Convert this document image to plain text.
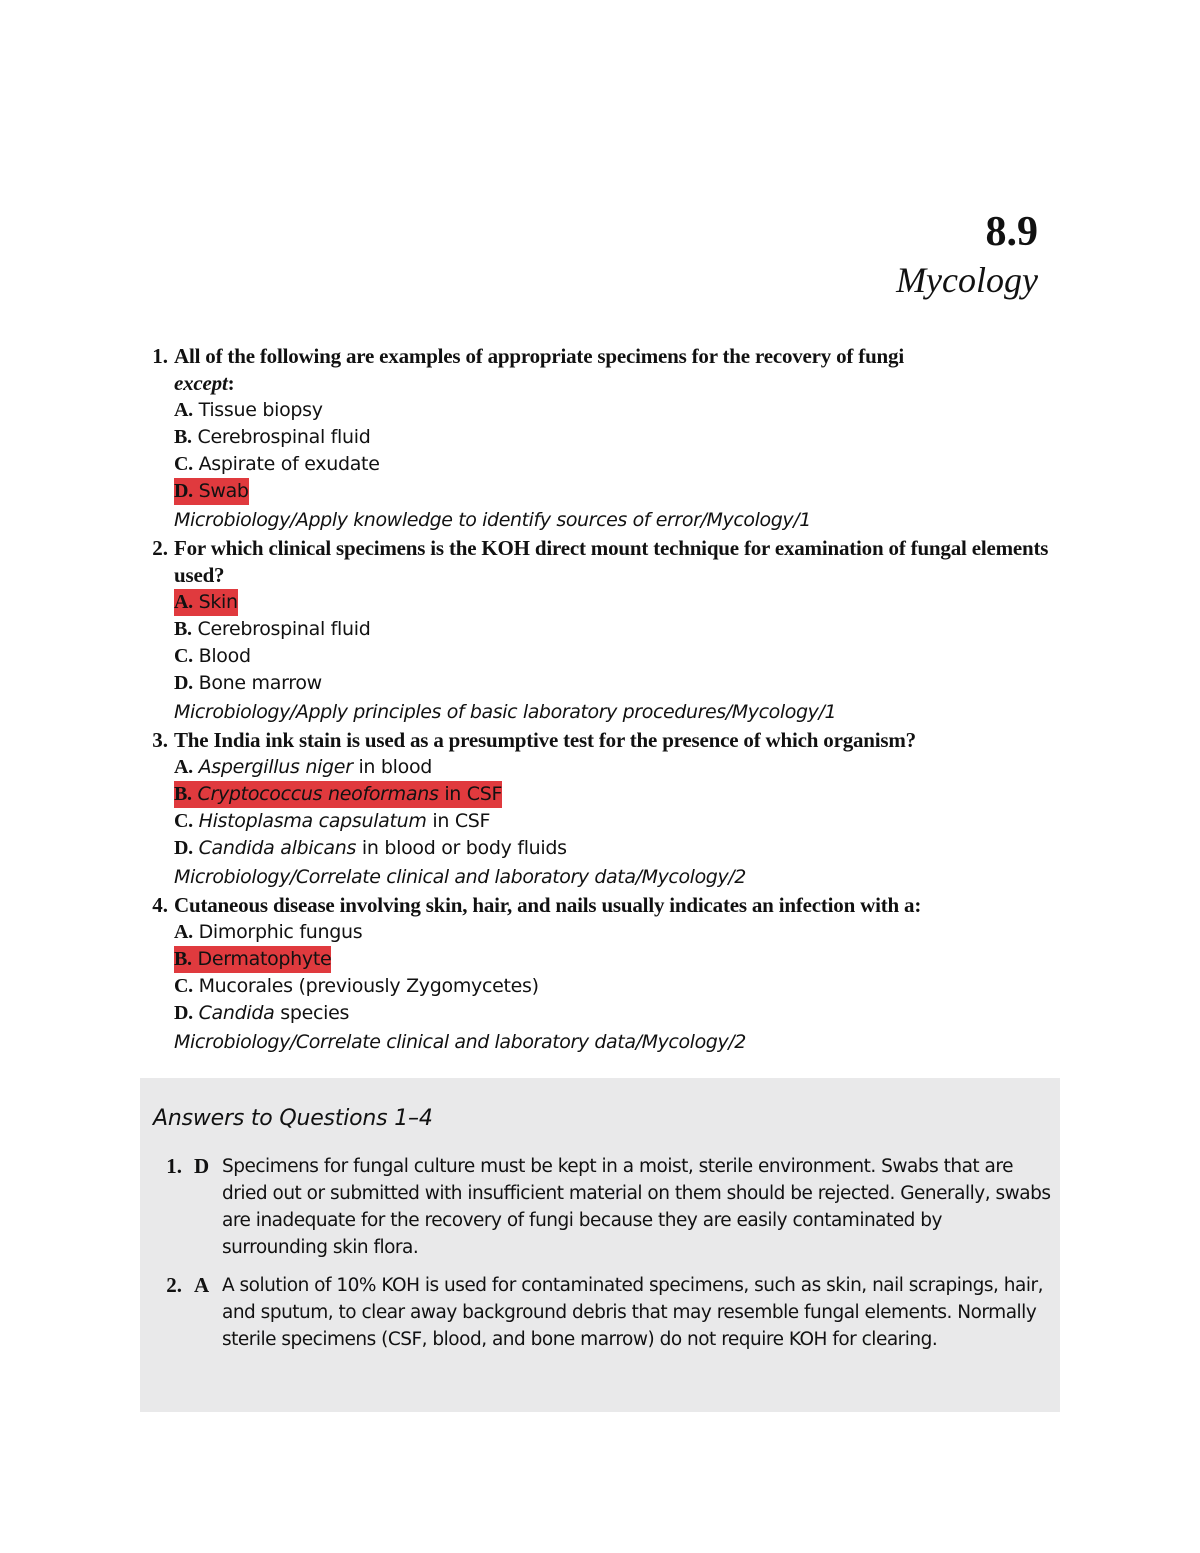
8.9
Mycology
1. All of the following are examples of appropriate specimens for the recovery of fungi
except:
A. Tissue biopsy
B. Cerebrospinal fluid
C. Aspirate of exudate
D. Swab
Microbiology/Apply knowledge to identify sources of error/Mycology/1
2. For which clinical specimens is the KOH direct mount technique for examination of fungal elements used?
A. Skin
B. Cerebrospinal fluid
C. Blood
D. Bone marrow
Microbiology/Apply principles of basic laboratory procedures/Mycology/1
3. The India ink stain is used as a presumptive test for the presence of which organism?
A. Aspergillus niger in blood
B. Cryptococcus neoformans in CSF
C. Histoplasma capsulatum in CSF
D. Candida albicans in blood or body fluids
Microbiology/Correlate clinical and laboratory data/Mycology/2
4. Cutaneous disease involving skin, hair, and nails usually indicates an infection with a:
A. Dimorphic fungus
B. Dermatophyte
C. Mucorales (previously Zygomycetes)
D. Candida species
Microbiology/Correlate clinical and laboratory data/Mycology/2
Answers to Questions 1–4
1. D Specimens for fungal culture must be kept in a moist, sterile environment. Swabs that are dried out or submitted with insufficient material on them should be rejected. Generally, swabs are inadequate for the recovery of fungi because they are easily contaminated by surrounding skin flora.
2. A A solution of 10% KOH is used for contaminated specimens, such as skin, nail scrapings, hair, and sputum, to clear away background debris that may resemble fungal elements. Normally sterile specimens (CSF, blood, and bone marrow) do not require KOH for clearing.
